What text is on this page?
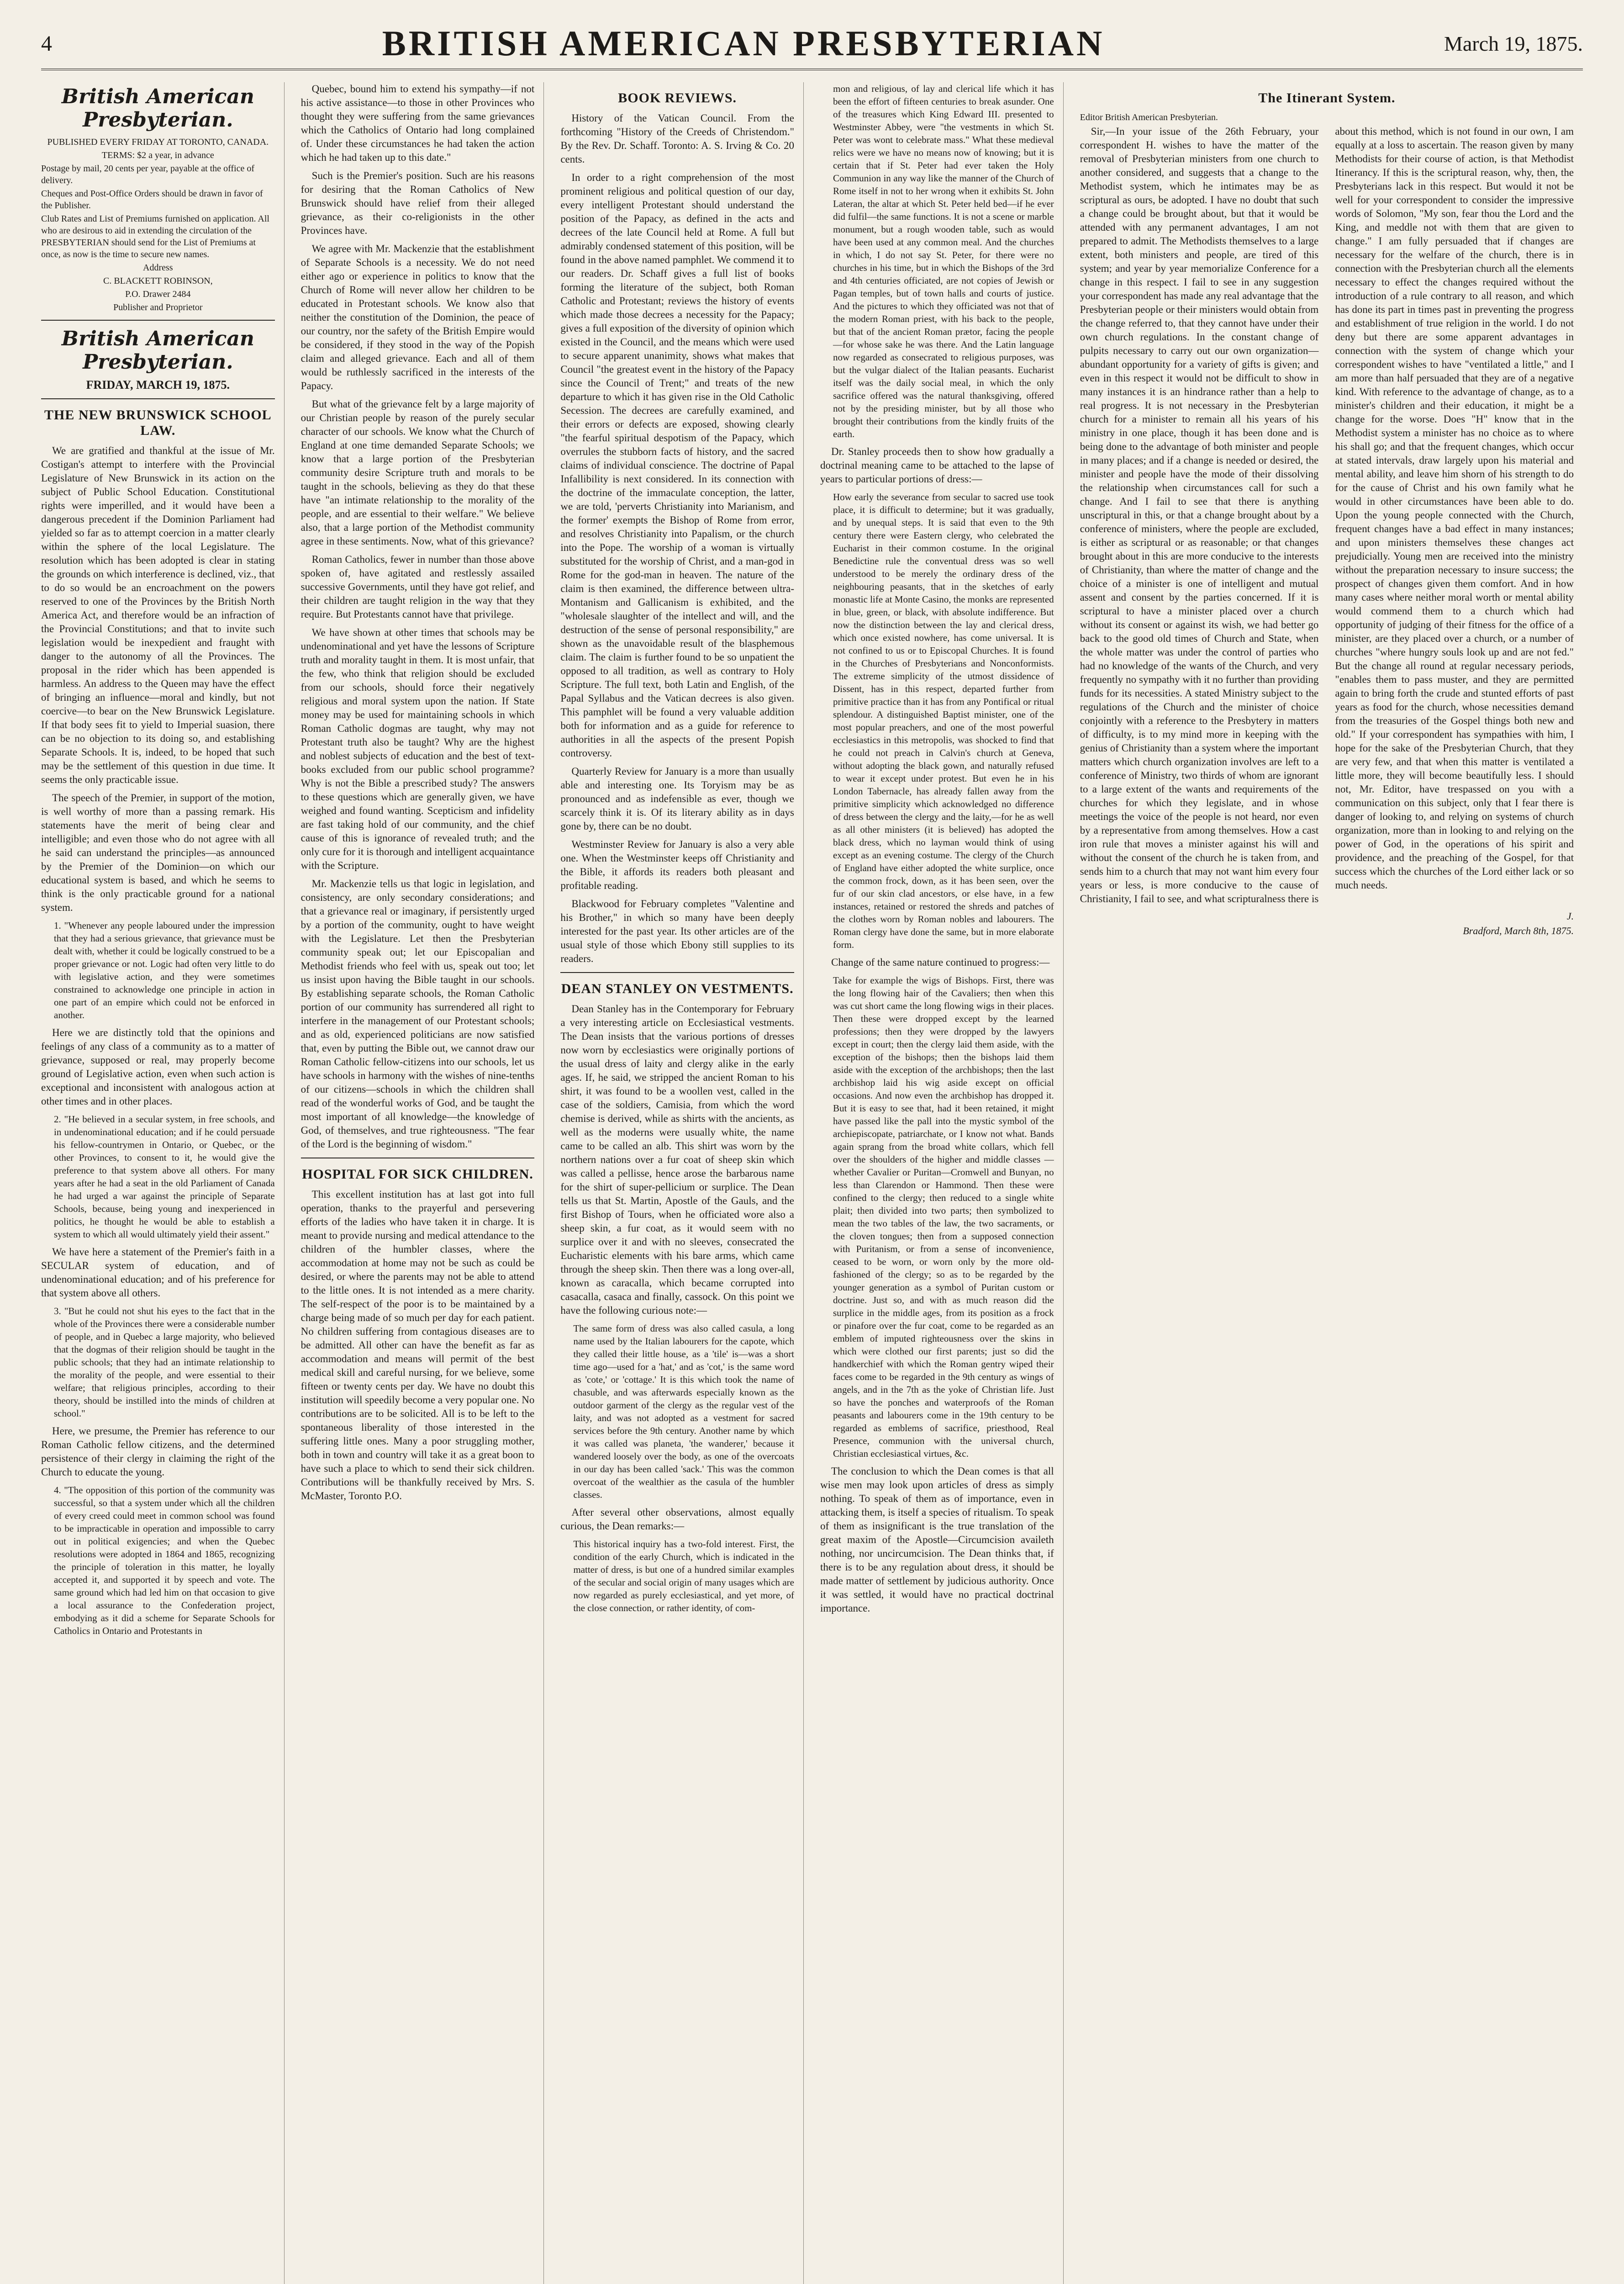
4	BRITISH AMERICAN PRESBYTERIAN	March 19, 1875.
British American Presbyterian.
PUBLISHED EVERY FRIDAY AT TORONTO, CANADA.
TERMS: $2 a year, in advance
Postage by mail, 20 cents per year, payable at the office of delivery.
Cheques and Post-Office Orders should be drawn in favor of the Publisher.
Club Rates and List of Premiums furnished on application. All who are desirous to aid in extending the circulation of the PRESBYTERIAN should send for the List of Premiums at once, as now is the time to secure new names.
Address
C. BLACKETT ROBINSON,
P.O. Drawer 2484
Publisher and Proprietor
British American Presbyterian.
FRIDAY, MARCH 19, 1875.
THE NEW BRUNSWICK SCHOOL LAW.

We are gratified and thankful at the issue of Mr. Costigan's attempt to interfere with the Provincial Legislature of New Brunswick in its action on the subject of Public School Education. Constitutional rights were imperilled, and it would have been a dangerous precedent if the Dominion Parliament had yielded so far as to attempt coercion in a matter clearly within the sphere of the local Legislature. The resolution which has been adopted is clear in stating the grounds on which interference is declined, viz., that to do so would be an encroachment on the powers reserved to one of the Provinces by the British North America Act, and therefore would be an infraction of the Provincial Constitutions; and that to invite such legislation would be inexpedient and fraught with danger to the autonomy of all the Provinces. The proposal in the rider which has been appended is harmless. An address to the Queen may have the effect of bringing an influence—moral and kindly, but not coercive—to bear on the New Brunswick Legislature. If that body sees fit to yield to Imperial suasion, there can be no objection to its doing so, and establishing Separate Schools. It is, indeed, to be hoped that such may be the settlement of this question in due time. It seems the only practicable issue.

The speech of the Premier, in support of the motion, is well worthy of more than a passing remark. His statements have the merit of being clear and intelligible; and even those who do not agree with all he said can understand the principles—as announced by the Premier of the Dominion—on which our educational system is based, and which he seems to think is the only practicable ground for a national system.

1. "Whenever any people laboured under the impression that they had a serious grievance, that grievance must be dealt with, whether it could be logically construed to be a proper grievance or not. Logic had often very little to do with legislative action, and they were sometimes constrained to acknowledge one principle in action in one part of an empire which could not be enforced in another.

Here we are distinctly told that the opinions and feelings of any class of a community as to a matter of grievance, supposed or real, may properly become ground of Legislative action, even when such action is exceptional and inconsistent with analogous action at other times and in other places.

2. "He believed in a secular system, in free schools, and in undenominational education; and if he could persuade his fellow-countrymen in Ontario, or Quebec, or the other Provinces, to consent to it, he would give the preference to that system above all others. For many years after he had a seat in the old Parliament of Canada he had urged a war against the principle of Separate Schools, because, being young and inexperienced in politics, he thought he would be able to establish a system to which all would ultimately yield their assent."

We have here a statement of the Premier's faith in a SECULAR system of education, and of undenominational education; and of his preference for that system above all others.

3. "But he could not shut his eyes to the fact that in the whole of the Provinces there were a considerable number of people, and in Quebec a large majority, who believed that the dogmas of their religion should be taught in the public schools; that they had an intimate relationship to the morality of the people, and were essential to their welfare; that religious principles, according to their theory, should be instilled into the minds of children at school."

Here, we presume, the Premier has reference to our Roman Catholic fellow citizens, and the determined persistence of their clergy in claiming the right of the Church to educate the young.

4. "The opposition of this portion of the community was successful, so that a system under which all the children of every creed could meet in common school was found to be impracticable in operation and impossible to carry out in political exigencies; and when the Quebec resolutions were adopted in 1864 and 1865, recognizing the principle of toleration in this matter, he loyally accepted it, and supported it by speech and vote. The same ground which had led him on that occasion to give a local assurance to the Confederation project, embodying as it did a scheme for Separate Schools for Catholics in Ontario and Protestants in

Quebec, bound him to extend his sympathy—if not his active assistance—to those in other Provinces who thought they were suffering from the same grievances which the Catholics of Ontario had long complained of. Under these circumstances he had taken the action which he had taken up to this date."

Such is the Premier's position. Such are his reasons for desiring that the Roman Catholics of New Brunswick should have relief from their alleged grievance, as their co-religionists in the other Provinces have.

We agree with Mr. Mackenzie that the establishment of Separate Schools is a necessity. We do not need either ago or experience in politics to know that the Church of Rome will never allow her children to be educated in Protestant schools. We know also that neither the constitution of the Dominion, the peace of our country, nor the safety of the British Empire would be considered, if they stood in the way of the Popish claim and alleged grievance. Each and all of them would be ruthlessly sacrificed in the interests of the Papacy.

But what of the grievance felt by a large majority of our Christian people by reason of the purely secular character of our schools. We know what the Church of England at one time demanded Separate Schools; we know that a large portion of the Presbyterian community desire Scripture truth and morals to be taught in the schools, believing as they do that these have "an intimate relationship to the morality of the people, and are essential to their welfare." We believe also, that a large portion of the Methodist community agree in these sentiments. Now, what of this grievance?

Roman Catholics, fewer in number than those above spoken of, have agitated and restlessly assailed successive Governments, until they have got relief, and their children are taught religion in the way that they require. But Protestants cannot have that privilege.

We have shown at other times that schools may be undenominational and yet have the lessons of Scripture truth and morality taught in them. It is most unfair, that the few, who think that religion should be excluded from our schools, should force their negatively religious and moral system upon the nation. If State money may be used for maintaining schools in which Roman Catholic dogmas are taught, why may not Protestant truth also be taught? Why are the highest and noblest subjects of education and the best of text-books excluded from our public school programme? Why is not the Bible a prescribed study? The answers to these questions which are generally given, we have weighed and found wanting. Scepticism and infidelity are fast taking hold of our community, and the chief cause of this is ignorance of revealed truth; and the only cure for it is thorough and intelligent acquaintance with the Scripture.

Mr. Mackenzie tells us that logic in legislation, and consistency, are only secondary considerations; and that a grievance real or imaginary, if persistently urged by a portion of the community, ought to have weight with the Legislature. Let then the Presbyterian community speak out; let our Episcopalian and Methodist friends who feel with us, speak out too; let us insist upon having the Bible taught in our schools. By establishing separate schools, the Roman Catholic portion of our community has surrendered all right to interfere in the management of our Protestant schools; and as old, experienced politicians are now satisfied that, even by putting the Bible out, we cannot draw our Roman Catholic fellow-citizens into our schools, let us have schools in harmony with the wishes of nine-tenths of our citizens—schools in which the children shall read of the wonderful works of God, and be taught the most important of all knowledge—the knowledge of God, of themselves, and true righteousness. "The fear of the Lord is the beginning of wisdom."

HOSPITAL FOR SICK CHILDREN.

This excellent institution has at last got into full operation, thanks to the prayerful and persevering efforts of the ladies who have taken it in charge. It is meant to provide nursing and medical attendance to the children of the humbler classes, where the accommodation at home may not be such as could be desired, or where the parents may not be able to attend to the little ones. It is not intended as a mere charity. The self-respect of the poor is to be maintained by a charge being made of so much per day for each patient. No children suffering from contagious diseases are to be admitted. All other can have the benefit as far as accommodation and means will permit of the best medical skill and careful nursing, for we believe, some fifteen or twenty cents per day. We have no doubt this institution will speedily become a very popular one. No contributions are to be solicited. All is to be left to the spontaneous liberality of those interested in the suffering little ones. Many a poor struggling mother, both in town and country will take it as a great boon to have such a place to which to send their sick children. Contributions will be thankfully received by Mrs. S. McMaster, Toronto P.O.

BOOK REVIEWS.

History of the Vatican Council. From the forthcoming "History of the Creeds of Christendom." By the Rev. Dr. Schaff. Toronto: A. S. Irving & Co. 20 cents.

In order to a right comprehension of the most prominent religious and political question of our day, every intelligent Protestant should understand the position of the Papacy, as defined in the acts and decrees of the late Council held at Rome. A full but admirably condensed statement of this position, will be found in the above named pamphlet. We commend it to our readers. Dr. Schaff gives a full list of books forming the literature of the subject, both Roman Catholic and Protestant; reviews the history of events which made those decrees a necessity for the Papacy; gives a full exposition of the diversity of opinion which existed in the Council, and the means which were used to secure apparent unanimity, shows what makes that Council "the greatest event in the history of the Papacy since the Council of Trent;" and treats of the new departure to which it has given rise in the Old Catholic Secession. The decrees are carefully examined, and their errors or defects are exposed, showing clearly "the fearful spiritual despotism of the Papacy, which overrules the stubborn facts of history, and the sacred claims of individual conscience. The doctrine of Papal Infallibility is next considered. In its connection with the doctrine of the immaculate conception, the latter, we are told, 'perverts Christianity into Marianism, and the former' exempts the Bishop of Rome from error, and resolves Christianity into Papalism, or the church into the Pope. The worship of a woman is virtually substituted for the worship of Christ, and a man-god in Rome for the god-man in heaven. The nature of the claim is then examined, the difference between ultra-Montanism and Gallicanism is exhibited, and the "wholesale slaughter of the intellect and will, and the destruction of the sense of personal responsibility," are shown as the unavoidable result of the blasphemous claim. The claim is further found to be so unpatient the opposed to all tradition, as well as contrary to Holy Scripture. The full text, both Latin and English, of the Papal Syllabus and the Vatican decrees is also given. This pamphlet will be found a very valuable addition both for information and as a guide for reference to authorities in all the aspects of the present Popish controversy.

Quarterly Review for January is a more than usually able and interesting one. Its Toryism may be as pronounced and as indefensible as ever, though we scarcely think it is. Of its literary ability as in days gone by, there can be no doubt.

Westminster Review for January is also a very able one. When the Westminster keeps off Christianity and the Bible, it affords its readers both pleasant and profitable reading.

Blackwood for February completes "Valentine and his Brother," in which so many have been deeply interested for the past year. Its other articles are of the usual style of those which Ebony still supplies to its readers.

DEAN STANLEY ON VESTMENTS.

Dean Stanley has in the Contemporary for February a very interesting article on Ecclesiastical vestments. The Dean insists that the various portions of dresses now worn by ecclesiastics were originally portions of the usual dress of laity and clergy alike in the early ages. If, he said, we stripped the ancient Roman to his shirt, it was found to be a woollen vest, called in the case of the soldiers, Camisia, from which the word chemise is derived, while as shirts with the ancients, as well as the moderns were usually white, the name came to be called an alb. This shirt was worn by the northern nations over a fur coat of sheep skin which was called a pellisse, hence arose the barbarous name for the shirt of super-pellicium or surplice. The Dean tells us that St. Martin, Apostle of the Gauls, and the first Bishop of Tours, when he officiated wore also a sheep skin, a fur coat, as it would seem with no surplice over it and with no sleeves, consecrated the Eucharistic elements with his bare arms, which came through the sheep skin. Then there was a long over-all, known as caracalla, which became corrupted into casacalla, casaca and finally, cassock. On this point we have the following curious note:—

The same form of dress was also called casula, a long name used by the Italian labourers for the capote, which they called their little house, as a 'tile' is—was a short time ago—used for a 'hat,' and as 'cot,' is the same word as 'cote,' or 'cottage.' It is this which took the name of chasuble, and was afterwards especially known as the outdoor garment of the clergy as the regular vest of the laity, and was not adopted as a vestment for sacred services before the 9th century. Another name by which it was called was planeta, 'the wanderer,' because it wandered loosely over the body, as one of the overcoats in our day has been called 'sack.' This was the common overcoat of the wealthier as the casula of the humbler classes.

After several other observations, almost equally curious, the Dean remarks:—

This historical inquiry has a two-fold interest. First, the condition of the early Church, which is indicated in the matter of dress, is but one of a hundred similar examples of the secular and social origin of many usages which are now regarded as purely ecclesiastical, and yet more, of the close connection, or rather identity, of com-

mon and religious, of lay and clerical life which it has been the effort of fifteen centuries to break asunder. One of the treasures which King Edward III. presented to Westminster Abbey, were "the vestments in which St. Peter was wont to celebrate mass." What these medieval relics were we have no means now of knowing; but it is certain that if St. Peter had ever taken the Holy Communion in any way like the manner of the Church of Rome itself in not to her wrong when it exhibits St. John Lateran, the altar at which St. Peter held bed—if he ever did fulfil—the same functions. It is not a scene or marble monument, but a rough wooden table, such as would have been used at any common meal. And the churches in which, I do not say St. Peter, for there were no churches in his time, but in which the Bishops of the 3rd and 4th centuries officiated, are not copies of Jewish or Pagan temples, but of town halls and courts of justice. And the pictures to which they officiated was not that of the modern Roman priest, with his back to the people, but that of the ancient Roman prætor, facing the people—for whose sake he was there. And the Latin language now regarded as consecrated to religious purposes, was but the vulgar dialect of the Italian peasants. Eucharist itself was the daily social meal, in which the only sacrifice offered was the natural thanksgiving, offered not by the presiding minister, but by all those who brought their contributions from the kindly fruits of the earth.

Dr. Stanley proceeds then to show how gradually a doctrinal meaning came to be attached to the lapse of years to particular portions of dress:—

How early the severance from secular to sacred use took place, it is difficult to determine; but it was gradually, and by unequal steps. It is said that even to the 9th century there were Eastern clergy, who celebrated the Eucharist in their common costume. In the original Benedictine rule the conventual dress was so well understood to be merely the ordinary dress of the neighbouring peasants, that in the sketches of early monastic life at Monte Casino, the monks are represented in blue, green, or black, with absolute indifference. But now the distinction between the lay and clerical dress, which once existed nowhere, has come universal. It is not confined to us or to Episcopal Churches. It is found in the Churches of Presbyterians and Nonconformists. The extreme simplicity of the utmost dissidence of Dissent, has in this respect, departed further from primitive practice than it has from any Pontifical or ritual splendour. A distinguished Baptist minister, one of the most popular preachers, and one of the most powerful ecclesiastics in this metropolis, was shocked to find that he could not preach in Calvin's church at Geneva, without adopting the black gown, and naturally refused to wear it except under protest. But even he in his London Tabernacle, has already fallen away from the primitive simplicity which acknowledged no difference of dress between the clergy and the laity,—for he as well as all other ministers (it is believed) has adopted the black dress, which no layman would think of using except as an evening costume. The clergy of the Church of England have either adopted the white surplice, once the common frock, down, as it has been seen, over the fur of our skin clad ancestors, or else have, in a few instances, retained or restored the shreds and patches of the clothes worn by Roman nobles and labourers. The Roman clergy have done the same, but in more elaborate form.

Change of the same nature continued to progress:—

Take for example the wigs of Bishops. First, there was the long flowing hair of the Cavaliers; then when this was cut short came the long flowing wigs in their places. Then these were dropped except by the learned professions; then they were dropped by the lawyers except in court; then the clergy laid them aside, with the exception of the bishops; then the bishops laid them aside with the exception of the archbishops; then the last archbishop laid his wig aside except on official occasions. And now even the archbishop has dropped it. But it is easy to see that, had it been retained, it might have passed like the pall into the mystic symbol of the archiepiscopate, patriarchate, or I know not what. Bands again sprang from the broad white collars, which fell over the shoulders of the higher and middle classes —whether Cavalier or Puritan—Cromwell and Bunyan, no less than Clarendon or Hammond. Then these were confined to the clergy; then reduced to a single white plait; then divided into two parts; then symbolized to mean the two tables of the law, the two sacraments, or the cloven tongues; then from a supposed connection with Puritanism, or from a sense of inconvenience, ceased to be worn, or worn only by the more old-fashioned of the clergy; so as to be regarded by the younger generation as a symbol of Puritan custom or doctrine. Just so, and with as much reason did the surplice in the middle ages, from its position as a frock or pinafore over the fur coat, come to be regarded as an emblem of imputed righteousness over the skins in which were clothed our first parents; just so did the handkerchief with which the Roman gentry wiped their faces come to be regarded in the 9th century as wings of angels, and in the 7th as the yoke of Christian life. Just so have the ponches and waterproofs of the Roman peasants and labourers come in the 19th century to be regarded as emblems of sacrifice, priesthood, Real Presence, communion with the universal church, Christian ecclesiastical virtues, &c.

The conclusion to which the Dean comes is that all wise men may look upon articles of dress as simply nothing. To speak of them as of importance, even in attacking them, is itself a species of ritualism. To speak of them as insignificant is the true translation of the great maxim of the Apostle—Circumcision availeth nothing, nor uncircumcision. The Dean thinks that, if there is to be any regulation about dress, it should be made matter of settlement by judicious authority. Once it was settled, it would have no practical doctrinal importance.

The Itinerant System.
Editor British American Presbyterian.

Sir,—In your issue of the 26th February, your correspondent H. wishes to have the matter of the removal of Presbyterian ministers from one church to another considered, and suggests that a change to the Methodist system, which he intimates may be as scriptural as ours, be adopted. I have no doubt that such a change could be brought about, but that it would be attended with any permanent advantages, I am not prepared to admit. The Methodists themselves to a large extent, both ministers and people, are tired of this system; and year by year memorialize Conference for a change in this respect. I fail to see in any suggestion your correspondent has made any real advantage that the Presbyterian people or their ministers would obtain from the change referred to, that they cannot have under their own church regulations. In the constant change of pulpits necessary to carry out our own organization—abundant opportunity for a variety of gifts is given; and even in this respect it would not be difficult to show in many instances it is an hindrance rather than a help to real progress. It is not necessary in the Presbyterian church for a minister to remain all his years of his ministry in one place, though it has been done and is being done to the advantage of both minister and people in many places; and if a change is needed or desired, the minister and people have the mode of their dissolving the relationship when circumstances call for such a change. And I fail to see that there is anything unscriptural in this, or that a change brought about by a conference of ministers, where the people are excluded, is either as scriptural or as reasonable; or that changes brought about in this are more conducive to the interests of Christianity, than where the matter of change and the choice of a minister is one of intelligent and mutual assent and consent by the parties concerned. If it is scriptural to have a minister placed over a church without its consent or against its wish, we had better go back to the good old times of Church and State, when the whole matter was under the control of parties who had no knowledge of the wants of the Church, and very frequently no sympathy with it no further than providing funds for its necessities. A stated Ministry subject to the regulations of the Church and the minister of choice conjointly with a reference to the Presbytery in matters of difficulty, is to my mind more in keeping with the genius of Christianity than a system where the important matters which church organization involves are left to a conference of Ministry, two thirds of whom are ignorant to a large extent of the wants and requirements of the churches for which they legislate, and in whose meetings the voice of the people is not heard, nor even by a representative from among themselves. How a cast iron rule that moves a minister against his will and without the consent of the church he is taken from, and sends him to a church that may not want him every four years or less, is more conducive to the cause of Christianity, I fail to see, and what scripturalness there is about this method, which is not found in our own, I am equally at a loss to ascertain. The reason given by many Methodists for their course of action, is that Methodist Itinerancy. If this is the scriptural reason, why, then, the Presbyterians lack in this respect. But would it not be well for your correspondent to consider the impressive words of Solomon, "My son, fear thou the Lord and the King, and meddle not with them that are given to change." I am fully persuaded that if changes are necessary for the welfare of the church, there is in connection with the Presbyterian church all the elements necessary to effect the changes required without the introduction of a rule contrary to all reason, and which has done its part in times past in preventing the progress and establishment of true religion in the world. I do not deny but there are some apparent advantages in connection with the system of change which your correspondent wishes to have "ventilated a little," and I am more than half persuaded that they are of a negative kind. With reference to the advantage of change, as to a minister's children and their education, it might be a change for the worse. Does "H" know that in the Methodist system a minister has no choice as to where his shall go; and that the frequent changes, which occur at stated intervals, draw largely upon his material and mental ability, and leave him shorn of his strength to do for the cause of Christ and his own family what he would in other circumstances have been able to do. Upon the young people connected with the Church, frequent changes have a bad effect in many instances; and upon ministers themselves these changes act prejudicially. Young men are received into the ministry without the preparation necessary to insure success; the prospect of changes given them comfort. And in how many cases where neither moral worth or mental ability would commend them to a church which had opportunity of judging of their fitness for the office of a minister, are they placed over a church, or a number of churches "where hungry souls look up and are not fed." But the change all round at regular necessary periods, "enables them to pass muster, and they are permitted again to bring forth the crude and stunted efforts of past years as food for the church, whose necessities demand from the treasuries of the Gospel things both new and old." If your correspondent has sympathies with him, I hope for the sake of the Presbyterian Church, that they are very few, and that when this matter is ventilated a little more, they will become beautifully less. I should not, Mr. Editor, have trespassed on you with a communication on this subject, only that I fear there is danger of looking to, and relying on systems of church organization, more than in looking to and relying on the power of God, in the operations of his spirit and providence, and the preaching of the Gospel, for that success which the churches of the Lord either lack or so much needs.

J.
Bradford, March 8th, 1875.
